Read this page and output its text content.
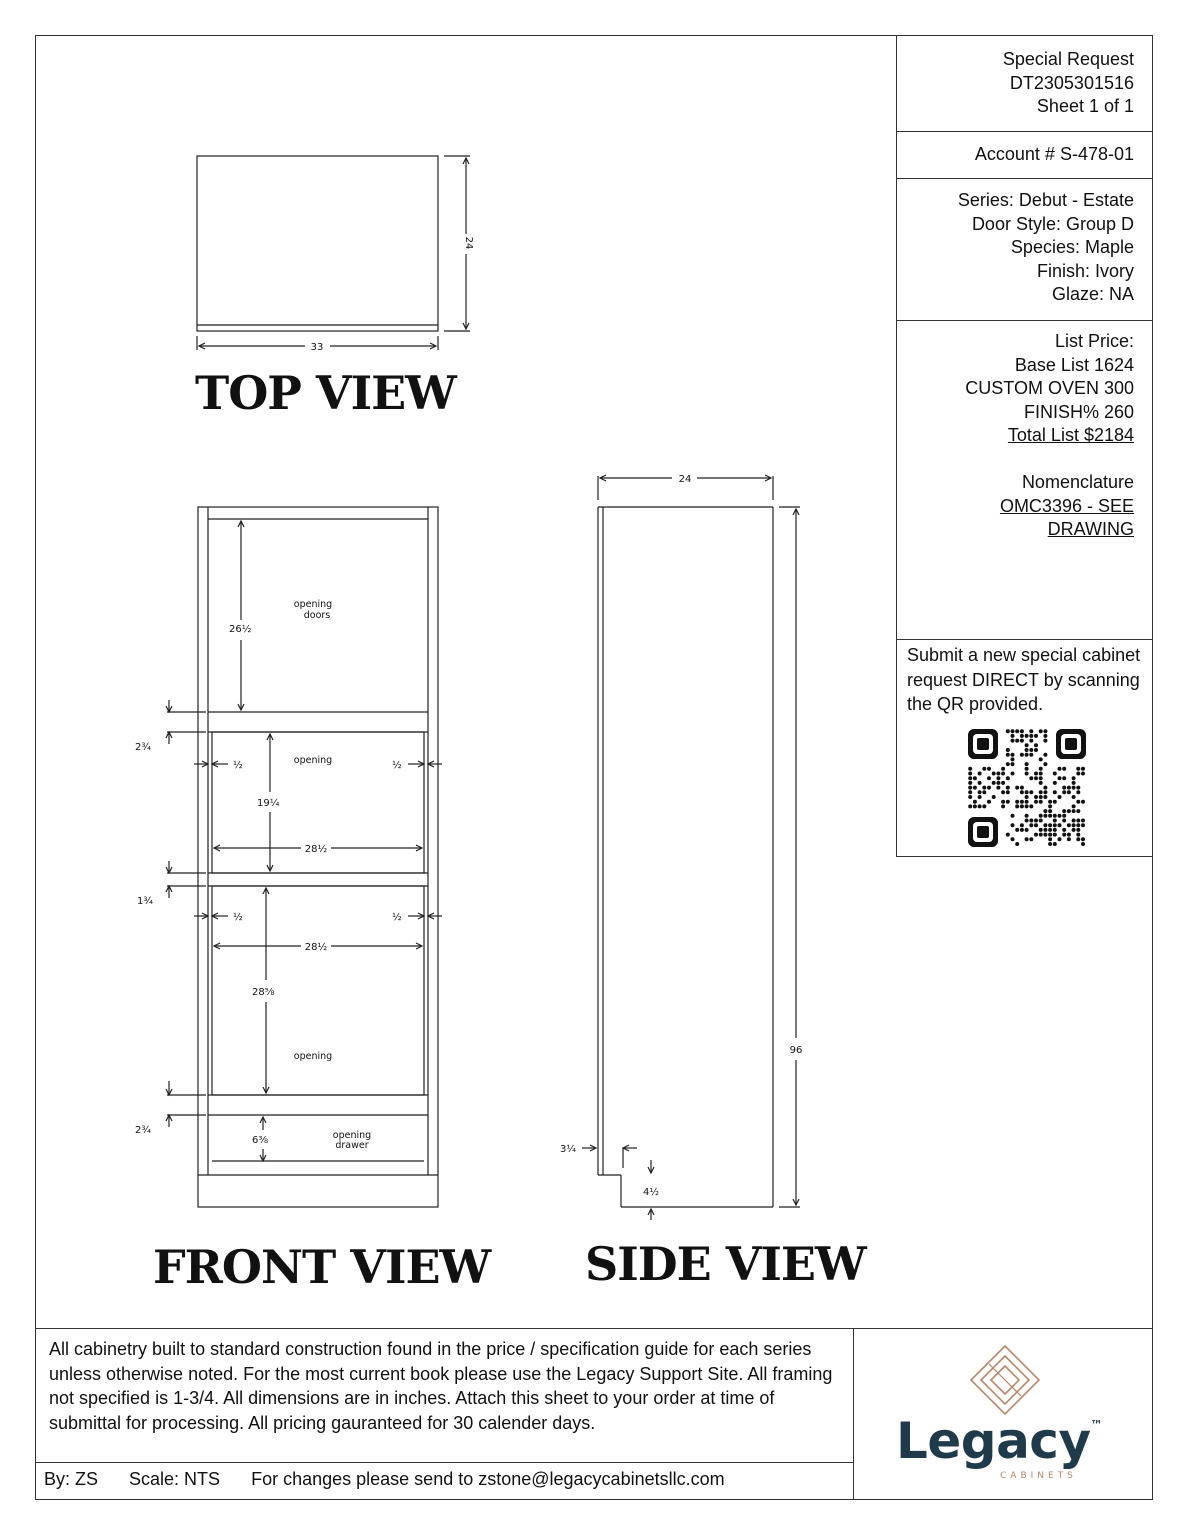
Special Request
DT2305301516
Sheet 1 of 1
Account # S-478-01
Series: Debut - Estate
Door Style: Group D
Species: Maple
Finish: Ivory
Glaze: NA
List Price:
Base List 1624
CUSTOM OVEN 300
FINISH% 260
Total List $2184
Nomenclature
OMC3396 - SEE
DRAWING
Submit a new special cabinet request DIRECT by scanning the QR provided.
TOP VIEW
FRONT VIEW SIDE VIEW
33
24
26½
opening
doors
2¾
opening
½	½
19¼
28½
1¾
½	½
28½
28⅝
opening
2¾
6⅜	opening
drawer
24
96
3¼
4½
All cabinetry built to standard construction found in the price / specification guide for each series unless otherwise noted. For the most current book please use the Legacy Support Site. All framing not specified is 1-3/4. All dimensions are in inches. Attach this sheet to your order at time of submittal for processing. All pricing gauranteed for 30 calender days.
By: ZS Scale: NTS For changes please send to zstone@legacycabinetsllc.com
Legacy™
CABINETS
